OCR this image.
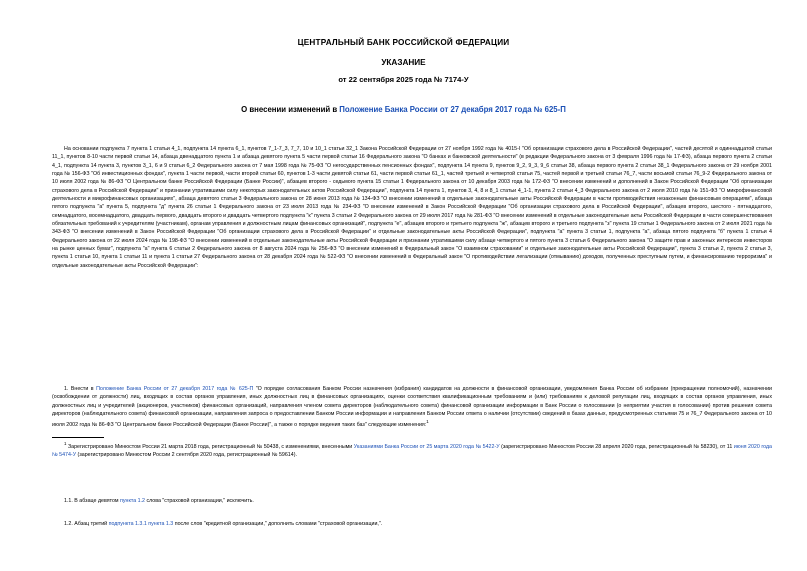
ЦЕНТРАЛЬНЫЙ БАНК РОССИЙСКОЙ ФЕДЕРАЦИИ
УКАЗАНИЕ
от 22 сентября 2025 года № 7174-У
О внесении изменений в Положение Банка России от 27 декабря 2017 года № 625-П

На основании подпункта 7 пункта 1 статьи 4_1, подпункта 14 пункта 6_1, пунктов 7_1-7_3, 7_7, 10 и 10_1 статьи 32_1 Закона Российской Федерации от 27 ноября 1992 года № 4015-I "Об организации страхового дела в Российской Федерации", частей десятой и одиннадцатой статьи 11_1, пунктов 8-10 части первой статьи 14, абзаца двенадцатого пункта 1 и абзаца девятого пункта 5 части первой статьи 16 Федерального закона "О банках и банковской деятельности" (в редакции Федерального закона от 3 февраля 1996 года № 17-ФЗ), абзаца первого пункта 2 статьи 4_1, подпункта 14 пункта 3, пунктов 3_1, 6 и 9 статьи 6_2 Федерального закона от 7 мая 1998 года № 75-ФЗ "О негосударственных пенсионных фондах", подпункта 14 пункта 9, пунктов 9_2, 9_3, 9_6 статьи 38, абзаца первого пункта 2 статьи 38_1 Федерального закона от 29 ноября 2001 года № 156-ФЗ "Об инвестиционных фондах", пункта 1 части первой, части второй статьи 60, пунктов 1-3 части девятой статьи 61, части первой статьи 61_1, частей третьей и четвертой статьи 75, частей первой и третьей статьи 76_7, части восьмой статьи 76_9-2 Федерального закона от 10 июля 2002 года № 86-ФЗ "О Центральном банке Российской Федерации (Банке России)", абзацев второго - седьмого пункта 15 статьи 1 Федерального закона от 10 декабря 2003 года № 172-ФЗ "О внесении изменений и дополнений в Закон Российской Федерации "Об организации страхового дела в Российской Федерации" и признании утратившими силу некоторых законодательных актов Российской Федерации", подпункта 14 пункта 1, пунктов 3, 4, 8 и 8_1 статьи 4_1-1, пункта 2 статьи 4_3 Федерального закона от 2 июля 2010 года № 151-ФЗ "О микрофинансовой деятельности и микрофинансовых организациях", абзаца девятого статьи 3 Федерального закона от 28 июня 2013 года № 134-ФЗ "О внесении изменений в отдельные законодательные акты Российской Федерации в части противодействия незаконным финансовым операциям", абзаца пятого подпункта "а" пункта 5, подпункта "д" пункта 26 статьи 1 Федерального закона от 23 июля 2013 года № 234-ФЗ "О внесении изменений в Закон Российской Федерации "Об организации страхового дела в Российской Федерации", абзацев второго, шестого - пятнадцатого, семнадцатого, восемнадцатого, двадцать первого, двадцать второго и двадцать четвертого подпункта "к" пункта 3 статьи 2 Федерального закона от 29 июля 2017 года № 281-ФЗ "О внесении изменений в отдельные законодательные акты Российской Федерации в части совершенствования обязательных требований к учредителям (участникам), органам управления и должностным лицам финансовых организаций", подпункта "е", абзацев второго и третьего подпункта "ж", абзацев второго и третьего подпункта "з" пункта 19 статьи 1 Федерального закона от 2 июля 2021 года № 343-ФЗ "О внесении изменений в Закон Российской Федерации "Об организации страхового дела в Российской Федерации" и отдельные законодательные акты Российской Федерации", подпункта "а" пункта 3 статьи 1, подпункта "а", абзаца пятого подпункта "б" пункта 1 статьи 4 Федерального закона от 22 июля 2024 года № 198-ФЗ "О внесении изменений в отдельные законодательные акты Российской Федерации и признании утратившими силу абзаце четвертого и пятого пункта 3 статьи 6 Федерального закона "О защите прав и законных интересов инвесторов на рынке ценных бумаг", подпункта "а" пункта 6 статьи 2 Федерального закона от 8 августа 2024 года № 256-ФЗ "О внесении изменений в Федеральный закон "О взаимном страховании" и отдельные законодательные акты Российской Федерации", пункта 3 статьи 2, пункта 2 статьи 3, пункта 1 статьи 10, пункта 1 статьи 11 и пункта 1 статьи 27 Федерального закона от 28 декабря 2024 года № 522-ФЗ "О внесении изменений в Федеральный закон "О противодействии легализации (отмыванию) доходов, полученных преступным путем, и финансированию терроризма" и отдельные законодательные акты Российской Федерации":

1. Внести в Положение Банка России от 27 декабря 2017 года № 625-П "О порядке согласования Банком России назначения (избрания) кандидатов на должности в финансовой организации, уведомления Банка России об избрании (прекращении полномочий), назначении (освобождении от должности) лиц, входящих в состав органов управления, иных должностных лиц в финансовых организациях, оценки соответствия квалификационным требованиям и (или) требованиям к деловой репутации лиц, входящих в состав органов управления, иных должностных лиц и учредителей (акционеров, участников) финансовых организаций, направления членом совета директоров (наблюдательного совета) финансовой организации информации в Банк России о голосовании (о неприятии участия в голосовании) против решения совета директоров (наблюдательного совета) финансовой организации, направления запроса о предоставлении Банком России информации и направления Банком России ответа о наличии (отсутствии) сведений в базах данных, предусмотренных статьями 75 и 76_7 Федерального закона от 10 июля 2002 года № 86-ФЗ "О Центральном банке Российской Федерации (Банке России)", а также о порядке ведения таких баз" следующие изменения:$^1$

$^1$ Зарегистрировано Минюстом России 21 марта 2018 года, регистрационный № 50438, с изменениями, внесенными Указаниями Банка России от 25 марта 2020 года № 5422-У (зарегистрировано Минюстом России 28 апреля 2020 года, регистрационный № 58230), от 11 июня 2020 года № 5474-У (зарегистрировано Минюстом России 2 сентября 2020 года, регистрационный № 59614).

1.1. В абзаце девятом пункта 1.2 слова "страховой организации," исключить.

1.2. Абзац третий подпункта 1.3.1 пункта 1.3 после слов "кредитной организации," дополнить словами "страховой организации,".
